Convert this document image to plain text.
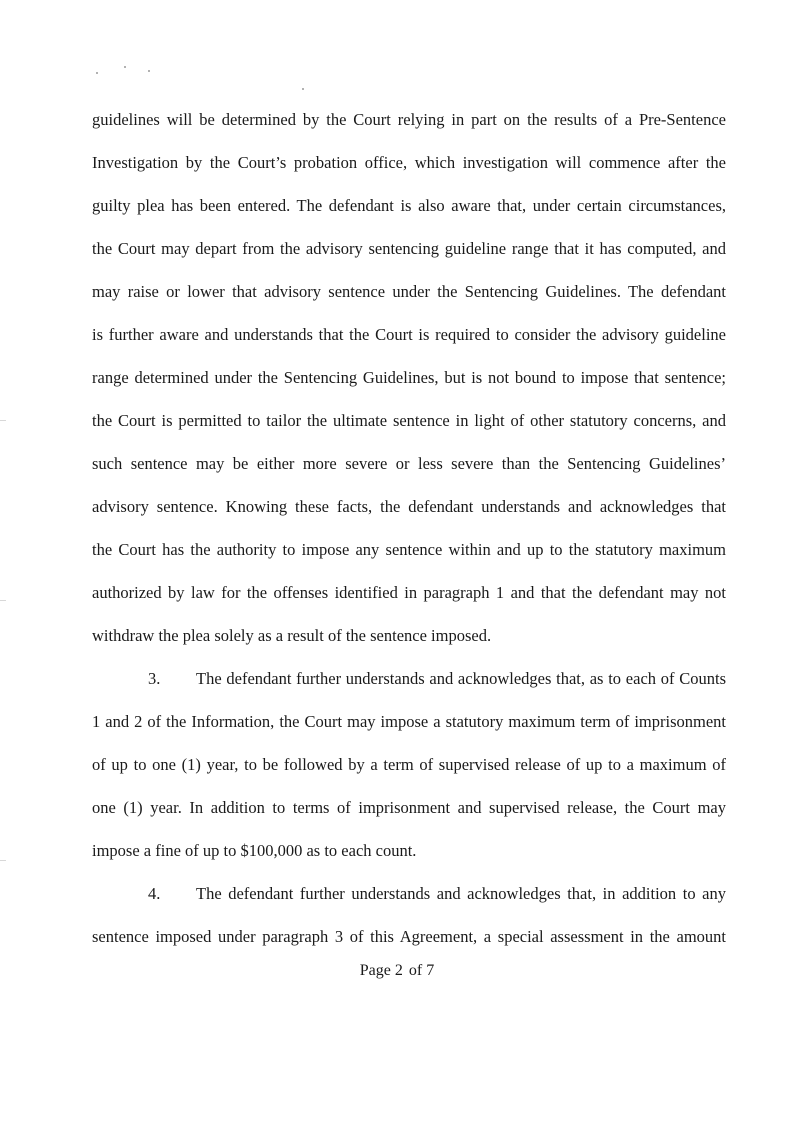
guidelines will be determined by the Court relying in part on the results of a Pre-Sentence
Investigation by the Court’s probation office, which investigation will commence after the
guilty plea has been entered. The defendant is also aware that, under certain circumstances,
the Court may depart from the advisory sentencing guideline range that it has computed, and
may raise or lower that advisory sentence under the Sentencing Guidelines. The defendant
is further aware and understands that the Court is required to consider the advisory guideline
range determined under the Sentencing Guidelines, but is not bound to impose that sentence;
the Court is permitted to tailor the ultimate sentence in light of other statutory concerns, and
such sentence may be either more severe or less severe than the Sentencing Guidelines’
advisory sentence. Knowing these facts, the defendant understands and acknowledges that
the Court has the authority to impose any sentence within and up to the statutory maximum
authorized by law for the offenses identified in paragraph 1 and that the defendant may not
withdraw the plea solely as a result of the sentence imposed.
3.	The defendant further understands and acknowledges that, as to each of Counts
1 and 2 of the Information, the Court may impose a statutory maximum term of imprisonment
of up to one (1) year, to be followed by a term of supervised release of up to a maximum of
one (1) year. In addition to terms of imprisonment and supervised release, the Court may
impose a fine of up to $100,000 as to each count.
4.	The defendant further understands and acknowledges that, in addition to any
sentence imposed under paragraph 3 of this Agreement, a special assessment in the amount
Page 2 of 7
